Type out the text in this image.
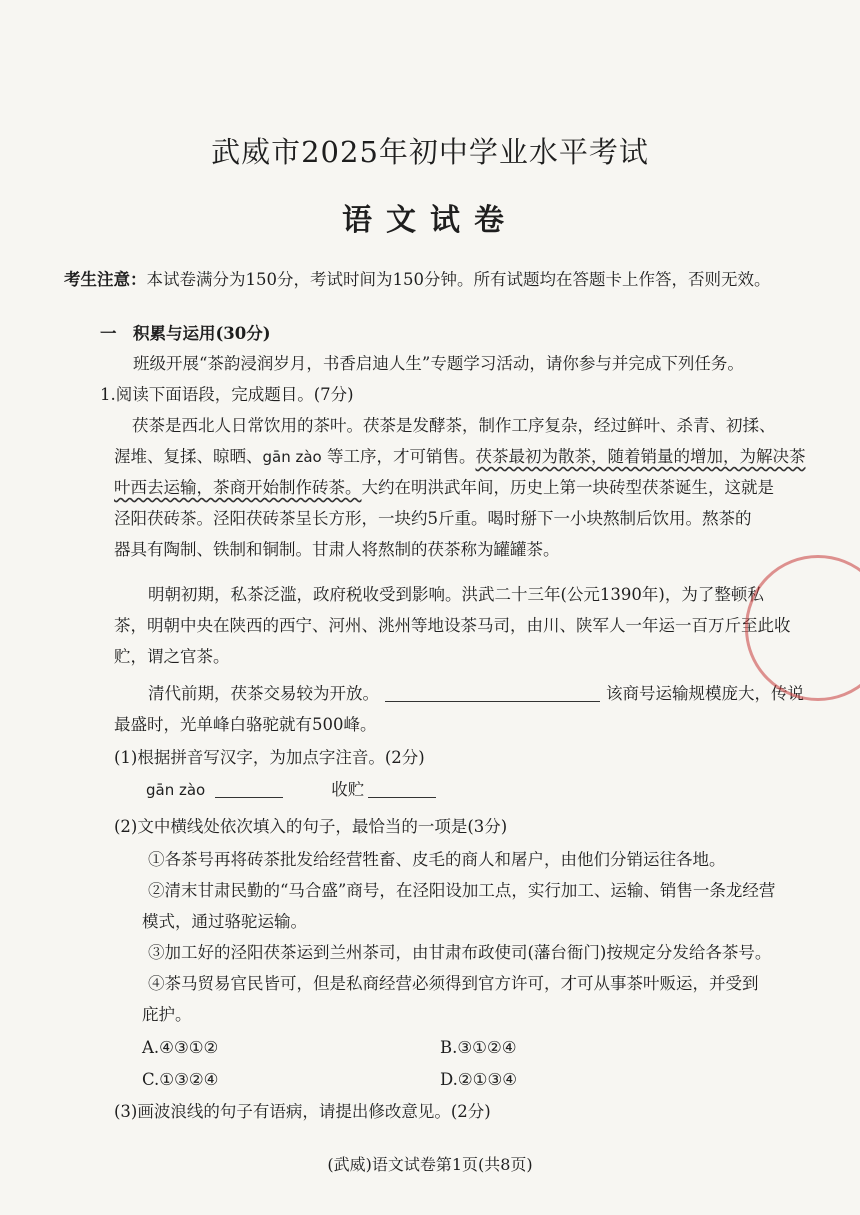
武威市2025年初中学业水平考试
语文试卷
考生注意：本试卷满分为150分，考试时间为150分钟。所有试题均在答题卡上作答，否则无效。
一　积累与运用(30分)
班级开展“茶韵浸润岁月，书香启迪人生”专题学习活动，请你参与并完成下列任务。
1.阅读下面语段，完成题目。(7分)
茯茶是西北人日常饮用的茶叶。茯茶是发酵茶，制作工序复杂，经过鲜叶、杀青、初揉、
渥堆、复揉、晾晒、gān zào 等工序，才可销售。茯茶最初为散茶，随着销量的增加，为解决茶
叶西去运输，茶商开始制作砖茶。大约在明洪武年间，历史上第一块砖型茯茶诞生，这就是
泾阳茯砖茶。泾阳茯砖茶呈长方形，一块约5斤重。喝时掰下一小块熬制后饮用。熬茶的
器具有陶制、铁制和铜制。甘肃人将熬制的茯茶称为罐罐茶。
明朝初期，私茶泛滥，政府税收受到影响。洪武二十三年(公元1390年)，为了整顿私
茶，明朝中央在陕西的西宁、河州、洮州等地设茶马司，由川、陕军人一年运一百万斤至此收
贮，谓之官茶。
清代前期，茯茶交易较为开放。	该商号运输规模庞大，传说
最盛时，光单峰白骆驼就有500峰。
(1)根据拼音写汉字，为加点字注音。(2分)
gān zào	收贮
(2)文中横线处依次填入的句子，最恰当的一项是(3分)
①各茶号再将砖茶批发给经营牲畜、皮毛的商人和屠户，由他们分销运往各地。
②清末甘肃民勤的“马合盛”商号，在泾阳设加工点，实行加工、运输、销售一条龙经营
模式，通过骆驼运输。
③加工好的泾阳茯茶运到兰州茶司，由甘肃布政使司(藩台衙门)按规定分发给各茶号。
④茶马贸易官民皆可，但是私商经营必须得到官方许可，才可从事茶叶贩运，并受到
庇护。
A.④③①②	B.③①②④
C.①③②④	D.②①③④
(3)画波浪线的句子有语病，请提出修改意见。(2分)
(武威)语文试卷第1页(共8页)
